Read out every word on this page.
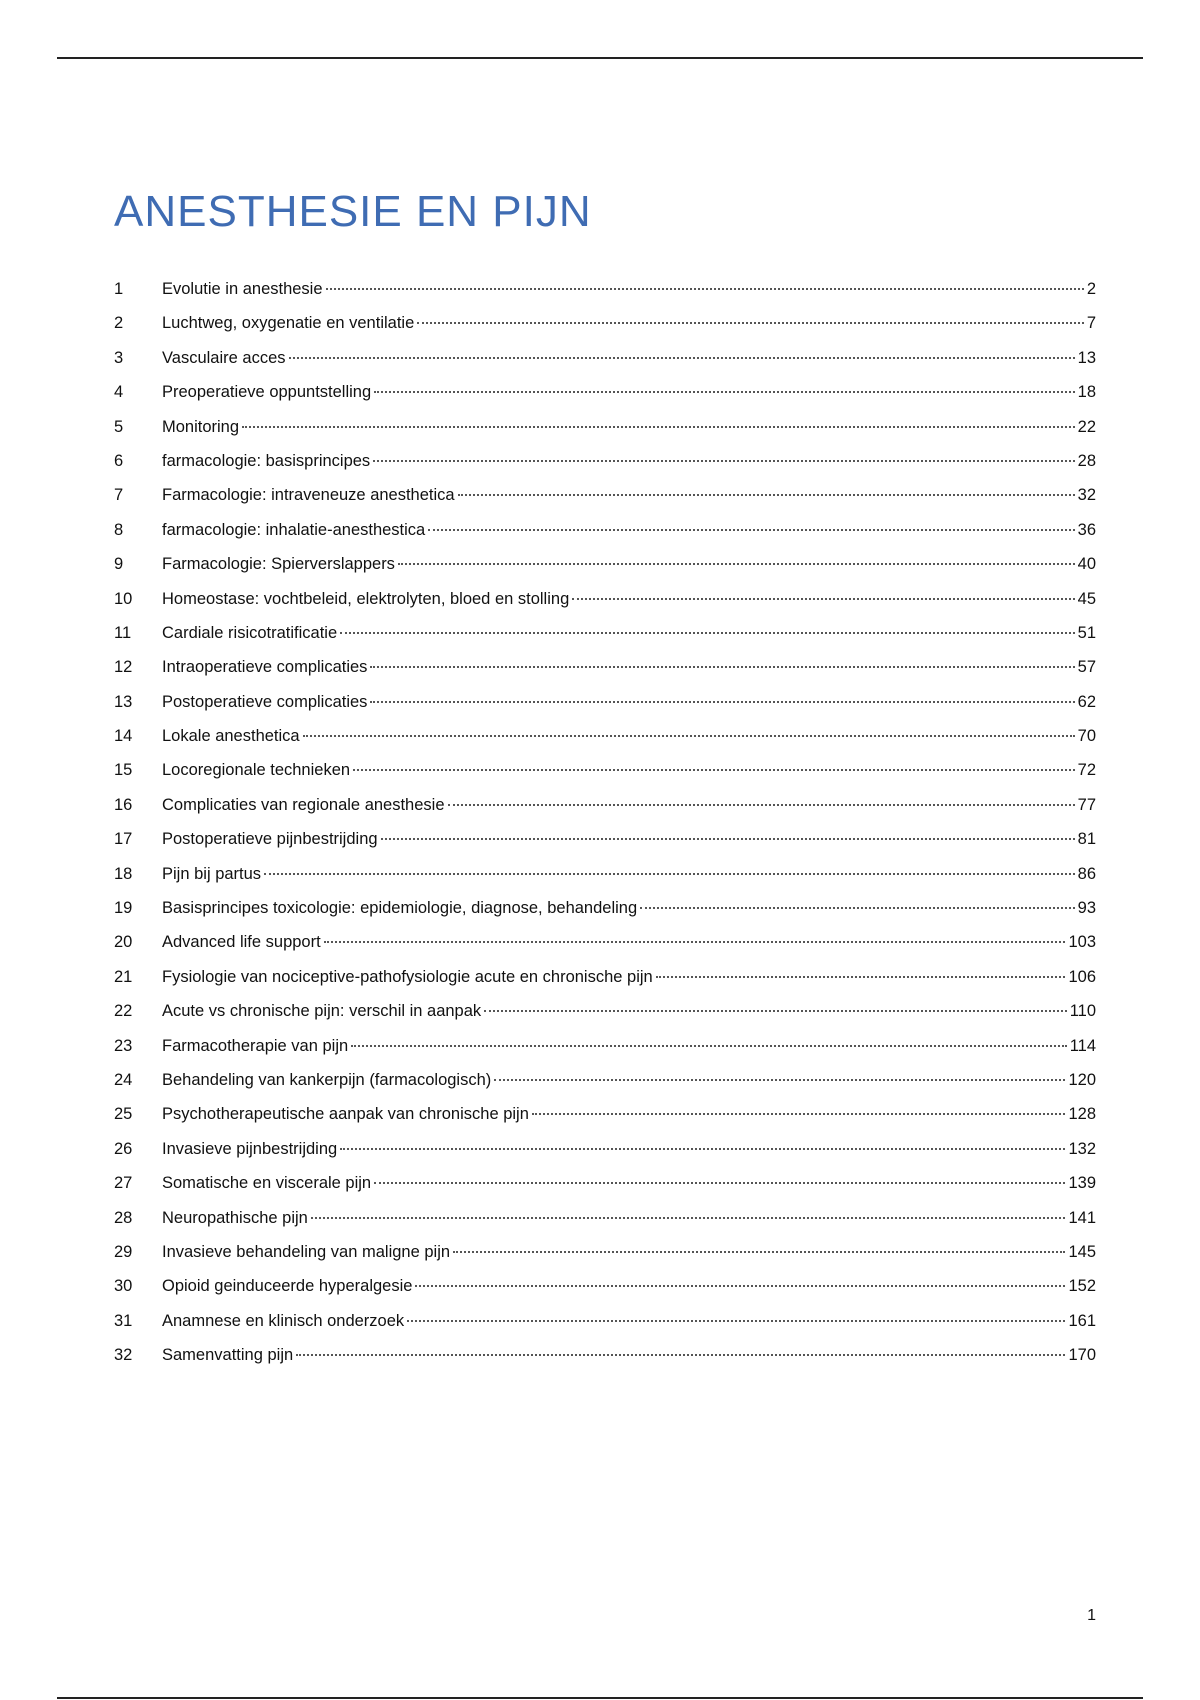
ANESTHESIE EN PIJN
1	Evolutie in anesthesie	2
2	Luchtweg, oxygenatie en ventilatie	7
3	Vasculaire acces	13
4	Preoperatieve oppuntstelling	18
5	Monitoring	22
6	farmacologie: basisprincipes	28
7	Farmacologie: intraveneuze anesthetica	32
8	farmacologie: inhalatie-anesthestica	36
9	Farmacologie: Spierverslappers	40
10	Homeostase: vochtbeleid, elektrolyten, bloed en stolling	45
11	Cardiale risicotratificatie	51
12	Intraoperatieve complicaties	57
13	Postoperatieve complicaties	62
14	Lokale anesthetica	70
15	Locoregionale technieken	72
16	Complicaties van regionale anesthesie	77
17	Postoperatieve pijnbestrijding	81
18	Pijn bij partus	86
19	Basisprincipes toxicologie: epidemiologie, diagnose, behandeling	93
20	Advanced life support	103
21	Fysiologie van nociceptive-pathofysiologie acute en chronische pijn	106
22	Acute vs chronische pijn: verschil in aanpak	110
23	Farmacotherapie van pijn	114
24	Behandeling van kankerpijn (farmacologisch)	120
25	Psychotherapeutische aanpak van chronische pijn	128
26	Invasieve pijnbestrijding	132
27	Somatische en viscerale pijn	139
28	Neuropathische pijn	141
29	Invasieve behandeling van maligne pijn	145
30	Opioid geinduceerde hyperalgesie	152
31	Anamnese en klinisch onderzoek	161
32	Samenvatting pijn	170
1
